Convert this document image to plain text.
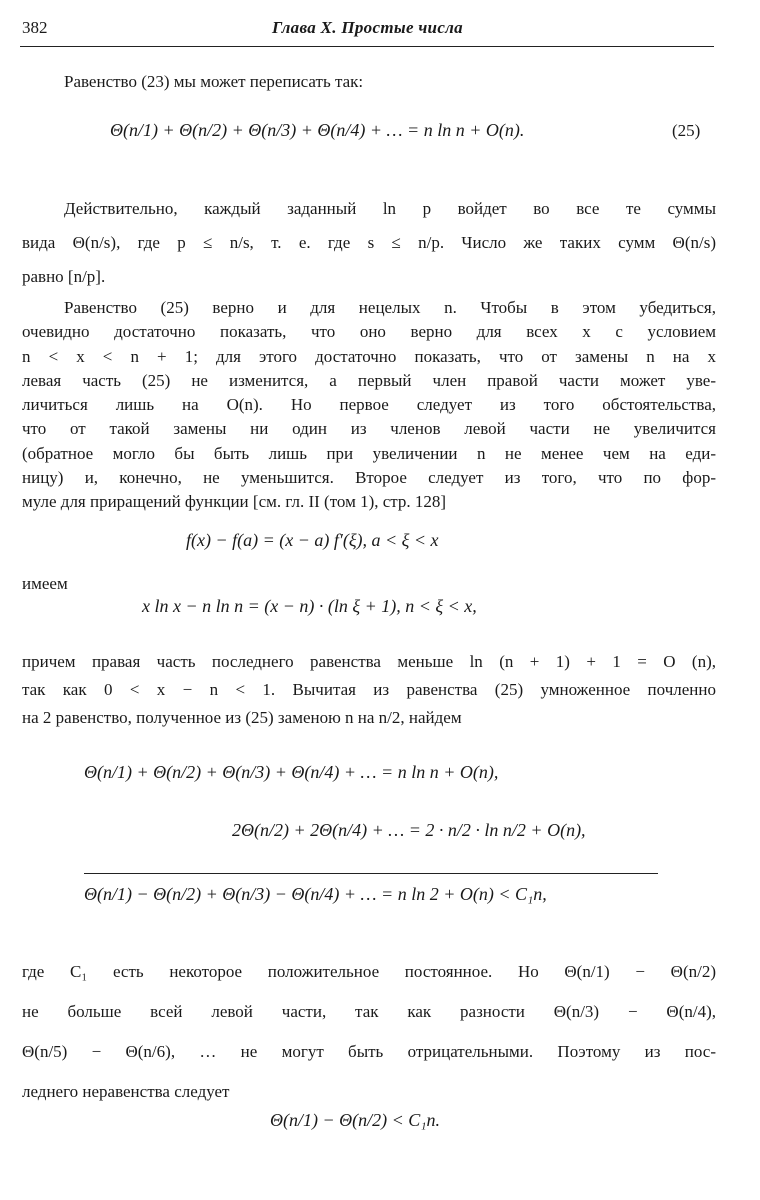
382	Глава X. Простые числа
Равенство (23) мы может переписать так:
Θ(n/1) + Θ(n/2) + Θ(n/3) + Θ(n/4) + … = n ln n + O(n).	(25)
Действительно, каждый заданный ln p войдет во все те суммы
вида Θ(n/s), где p ≤ n/s, т. е. где s ≤ n/p. Число же таких сумм Θ(n/s)
равно [n/p].
Равенство (25) верно и для нецелых n. Чтобы в этом убедиться,
очевидно достаточно показать, что оно верно для всех x с условием
n < x < n + 1; для этого достаточно показать, что от замены n на x
левая часть (25) не изменится, а первый член правой части может уве-
личиться лишь на O(n). Но первое следует из того обстоятельства,
что от такой замены ни один из членов левой части не увеличится
(обратное могло бы быть лишь при увеличении n не менее чем на еди-
ницу) и, конечно, не уменьшится. Второе следует из того, что по фор-
муле для приращений функции [см. гл. II (том 1), стр. 128]
f(x) − f(a) = (x − a) f′(ξ), a < ξ < x
имеем
x ln x − n ln n = (x − n) · (ln ξ + 1), n < ξ < x,
причем правая часть последнего равенства меньше ln (n + 1) + 1 = O (n),
так как 0 < x − n < 1. Вычитая из равенства (25) умноженное почленно
на 2 равенство, полученное из (25) заменою n на n/2, найдем
Θ(n/1) + Θ(n/2) + Θ(n/3) + Θ(n/4) + … = n ln n + O(n),
2Θ(n/2) + 2Θ(n/4) + … = 2 · n/2 · ln n/2 + O(n),
Θ(n/1) − Θ(n/2) + Θ(n/3) − Θ(n/4) + … = n ln 2 + O(n) < C₁n,
где C₁ есть некоторое положительное постоянное. Но Θ(n/1) − Θ(n/2)
не больше всей левой части, так как разности Θ(n/3) − Θ(n/4),
Θ(n/5) − Θ(n/6), … не могут быть отрицательными. Поэтому из пос-
леднего неравенства следует
Θ(n/1) − Θ(n/2) < C₁n.
